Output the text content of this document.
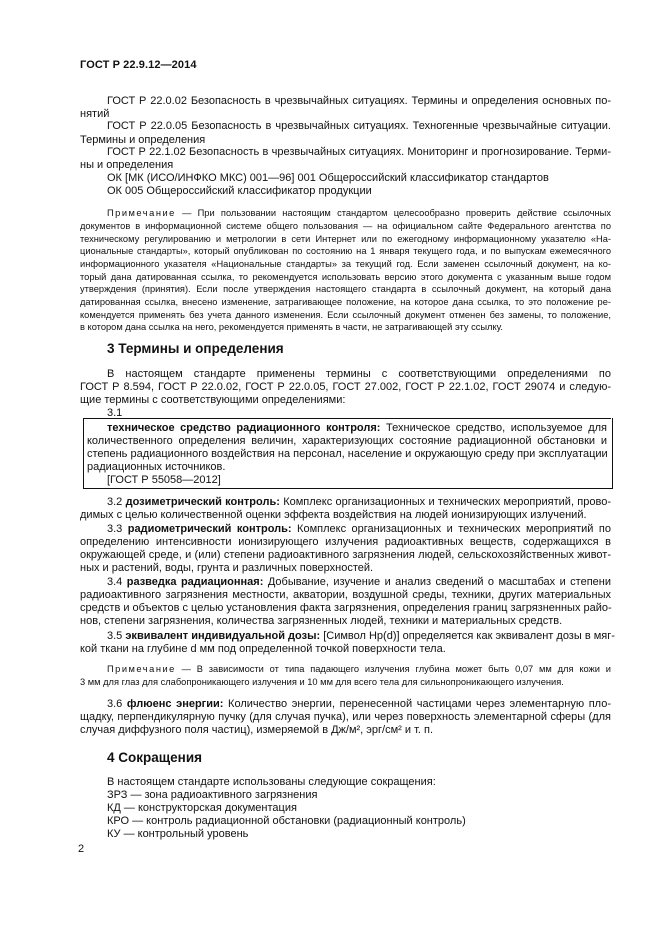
ГОСТ Р 22.9.12—2014
ГОСТ Р 22.0.02 Безопасность в чрезвычайных ситуациях. Термины и определения основных по-
нятий
ГОСТ Р 22.0.05 Безопасность в чрезвычайных ситуациях. Техногенные чрезвычайные ситуации.
Термины и определения
ГОСТ Р 22.1.02 Безопасность в чрезвычайных ситуациях. Мониторинг и прогнозирование. Терми-
ны и определения
ОК [МК (ИСО/ИНФКО МКС) 001—96] 001 Общероссийский классификатор стандартов
ОК 005 Общероссийский классификатор продукции
Примечание — При пользовании настоящим стандартом целесообразно проверить действие ссылочных
документов в информационной системе общего пользования — на официальном сайте Федерального агентства по
техническому регулированию и метрологии в сети Интернет или по ежегодному информационному указателю «На-
циональные стандарты», который опубликован по состоянию на 1 января текущего года, и по выпускам ежемесячного
информационного указателя «Национальные стандарты» за текущий год. Если заменен ссылочный документ, на ко-
торый дана датированная ссылка, то рекомендуется использовать версию этого документа с указанным выше годом
утверждения (принятия). Если после утверждения настоящего стандарта в ссылочный документ, на который дана
датированная ссылка, внесено изменение, затрагивающее положение, на которое дана ссылка, то это положение ре-
комендуется применять без учета данного изменения. Если ссылочный документ отменен без замены, то положение,
в котором дана ссылка на него, рекомендуется применять в части, не затрагивающей эту ссылку.
3 Термины и определения
В настоящем стандарте применены термины с соответствующими определениями по
ГОСТ Р 8.594, ГОСТ Р 22.0.02, ГОСТ Р 22.0.05, ГОСТ 27.002, ГОСТ Р 22.1.02, ГОСТ 29074 и следую-
щие термины с соответствующими определениями:
3.1
техническое средство радиационного контроля: Техническое средство, используемое для
количественного определения величин, характеризующих состояние радиационной обстановки и
степень радиационного воздействия на персонал, население и окружающую среду при эксплуатации
радиационных источников.
[ГОСТ Р 55058—2012]
3.2 дозиметрический контроль: Комплекс организационных и технических мероприятий, прово-
димых с целью количественной оценки эффекта воздействия на людей ионизирующих излучений.
3.3 радиометрический контроль: Комплекс организационных и технических мероприятий по
определению интенсивности ионизирующего излучения радиоактивных веществ, содержащихся в
окружающей среде, и (или) степени радиоактивного загрязнения людей, сельскохозяйственных живот-
ных и растений, воды, грунта и различных поверхностей.
3.4 разведка радиационная: Добывание, изучение и анализ сведений о масштабах и степени
радиоактивного загрязнения местности, акватории, воздушной среды, техники, других материальных
средств и объектов с целью установления факта загрязнения, определения границ загрязненных райо-
нов, степени загрязнения, количества загрязненных людей, техники и материальных средств.
3.5 эквивалент индивидуальной дозы: [Символ Hp(d)] определяется как эквивалент дозы в мяг-
кой ткани на глубине d мм под определенной точкой поверхности тела.
Примечание — В зависимости от типа падающего излучения глубина может быть 0,07 мм для кожи и
3 мм для глаз для слабопроникающего излучения и 10 мм для всего тела для сильнопроникающего излучения.
3.6 флюенс энергии: Количество энергии, перенесенной частицами через элементарную пло-
щадку, перпендикулярную пучку (для случая пучка), или через поверхность элементарной сферы (для
случая диффузного поля частиц), измеряемой в Дж/м², эрг/см² и т. п.
4 Сокращения
В настоящем стандарте использованы следующие сокращения:
ЗРЗ — зона радиоактивного загрязнения
КД — конструкторская документация
КРО — контроль радиационной обстановки (радиационный контроль)
КУ — контрольный уровень
2
